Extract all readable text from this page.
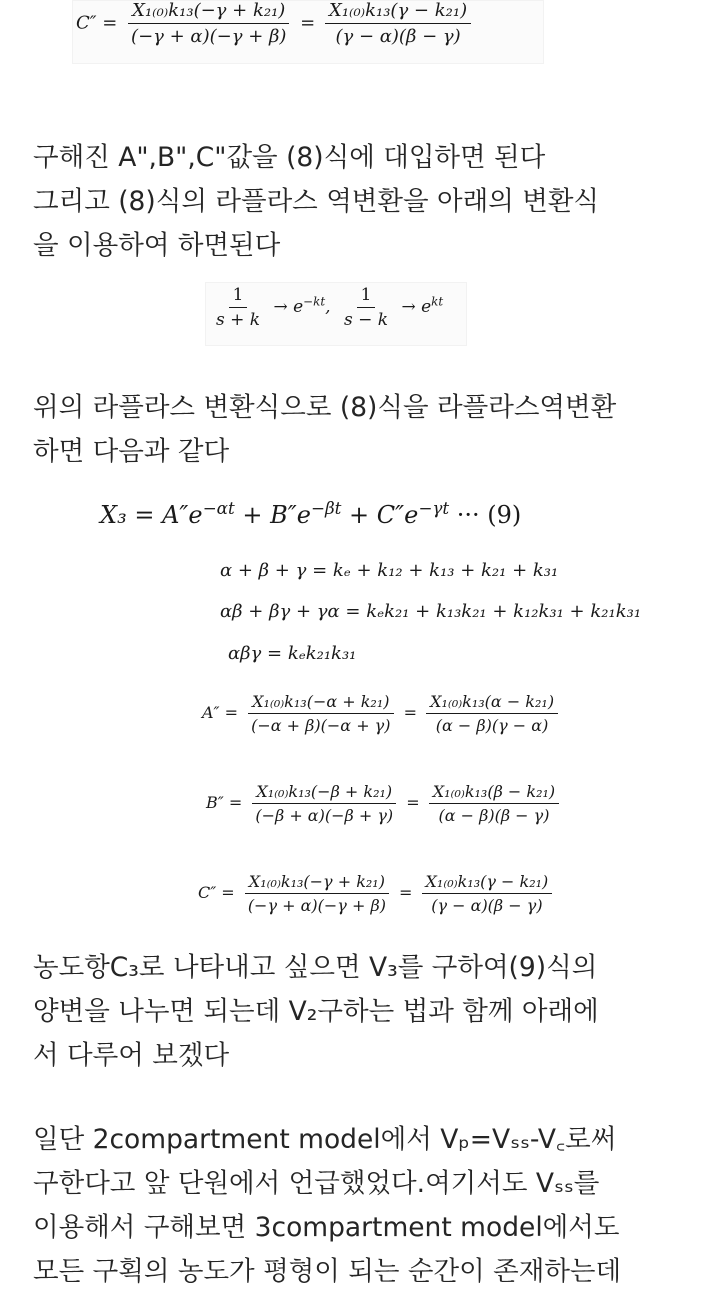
$C'' = \frac{\text{X₁₍₀₎k₁₃(−γ + k₂₁)}}{(-\gamma + \alpha)(-\gamma + \beta)} = \frac{\text{X₁₍₀₎k₁₃(γ − k₂₁)}}{(\gamma - \alpha)(\beta - \gamma)}$
구해진 A",B",C"값을 (8)식에 대입하면 된다
그리고 (8)식의 라플라스 역변환을 아래의 변환식
을 이용하여 하면된다
$\frac{1}{s + k} \to e^{-kt}$, $\frac{1}{s - k} \to e^{kt}$
위의 라플라스 변환식으로 (8)식을 라플라스역변환
하면 다음과 같다
$X_3 = A''e^{-\alpha t} + B''e^{-\beta t} + C''e^{-\gamma t}$ ··· (9)
α + β + γ = kₑ + k₁₂ + k₁₃ + k₂₁ + k₃₁
αβ + βγ + γα = kₑk₂₁ + k₁₃k₂₁ + k₁₂k₃₁ + k₂₁k₃₁
αβγ = kₑk₂₁k₃₁
$A'' = \frac{\text{X₁₍₀₎k₁₃(−α + k₂₁)}}{(-\alpha + \beta)(-\alpha + \gamma)} = \frac{\text{X₁₍₀₎k₁₃(α − k₂₁)}}{(\alpha - \beta)(\gamma - \alpha)}$
$B'' = \frac{\text{X₁₍₀₎k₁₃(−β + k₂₁)}}{(-\beta + \alpha)(-\beta + \gamma)} = \frac{\text{X₁₍₀₎k₁₃(β − k₂₁)}}{(\alpha - \beta)(\beta - \gamma)}$
$C'' = \frac{\text{X₁₍₀₎k₁₃(−γ + k₂₁)}}{(-\gamma + \alpha)(-\gamma + \beta)} = \frac{\text{X₁₍₀₎k₁₃(γ − k₂₁)}}{(\gamma - \alpha)(\beta - \gamma)}$
농도항C₃로 나타내고 싶으면 V₃를 구하여(9)식의
양변을 나누면 되는데 V₂구하는 법과 함께 아래에
서 다루어 보겠다
일단 2compartment model에서 Vₚ=Vₛₛ-V꜀로써
구한다고 앞 단원에서 언급했었다.여기서도 Vₛₛ를
이용해서 구해보면 3compartment model에서도
모든 구획의 농도가 평형이 되는 순간이 존재하는데
